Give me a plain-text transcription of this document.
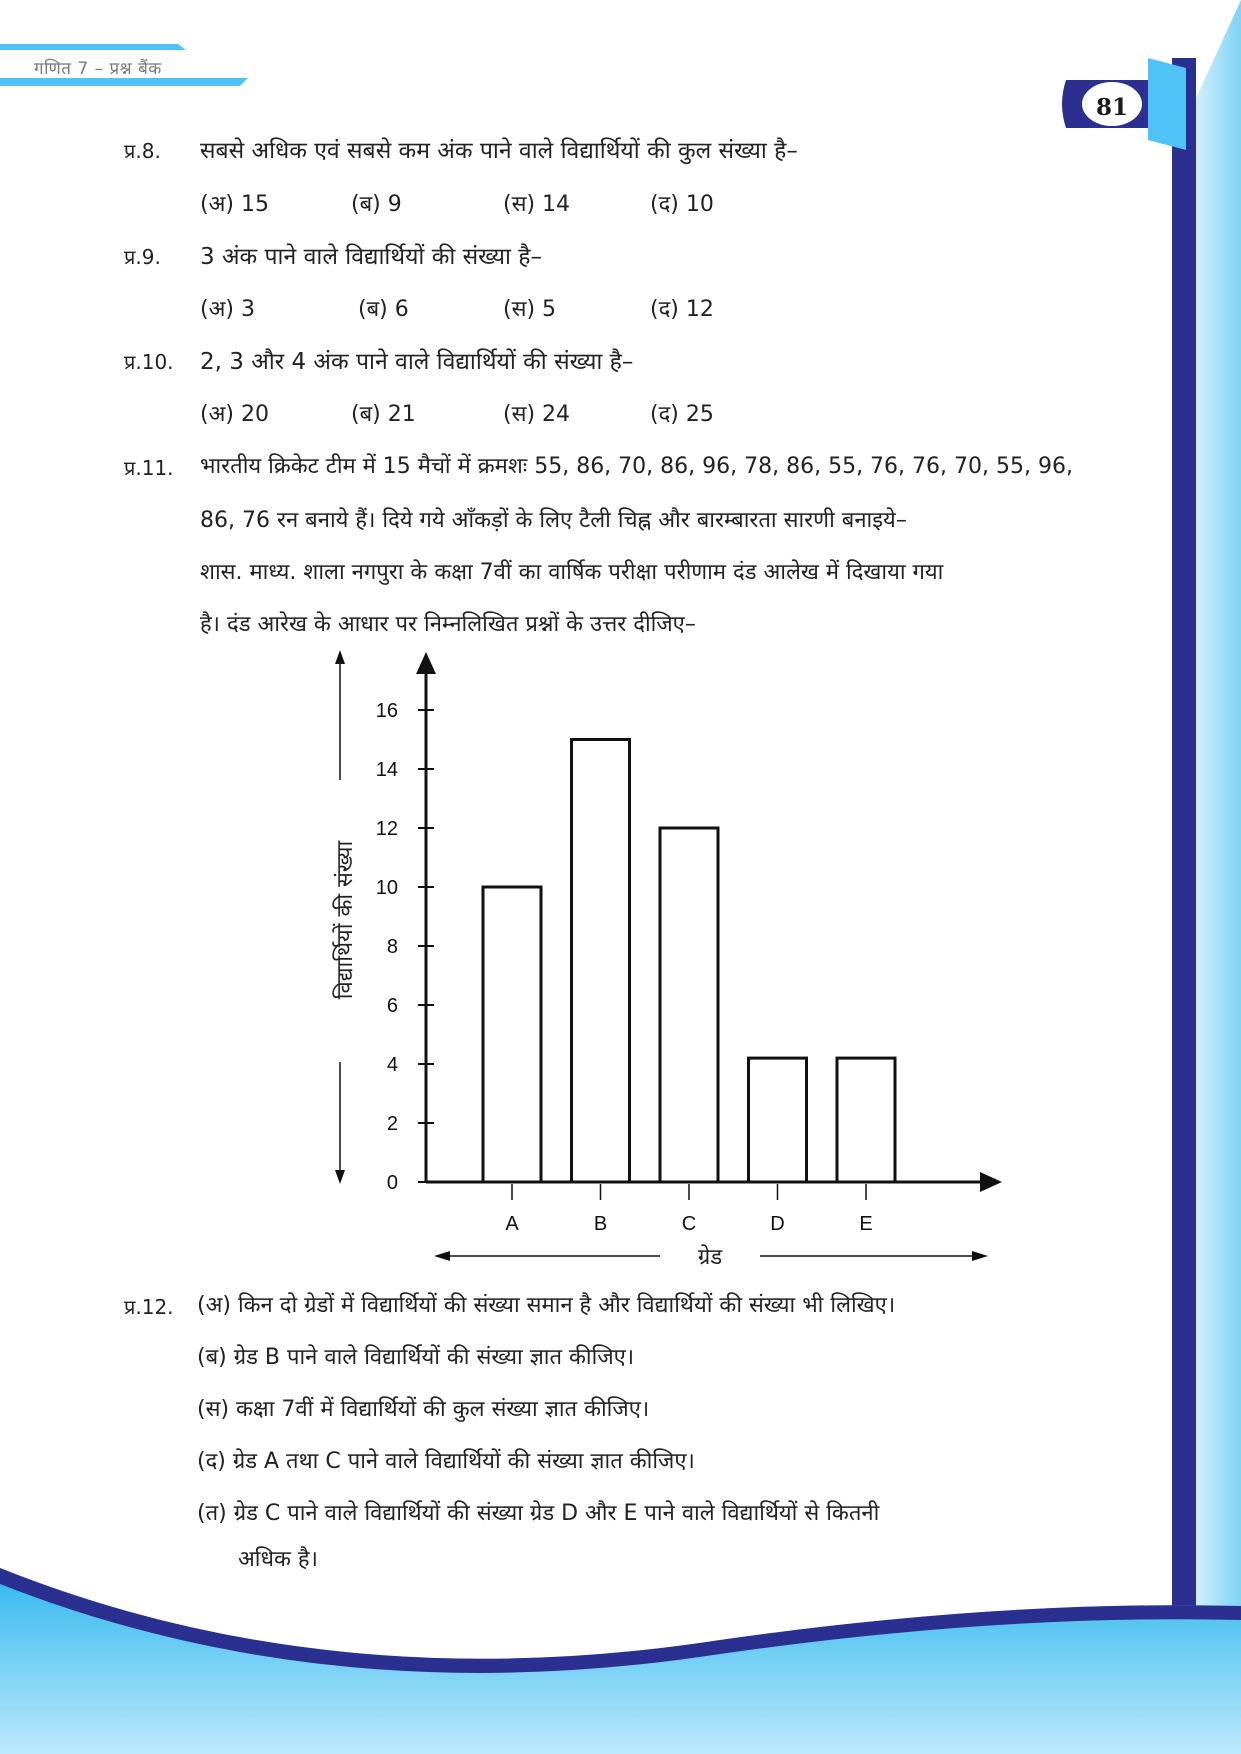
गणित 7 – प्रश्न बैंक
81
प्र.8. सबसे अधिक एवं सबसे कम अंक पाने वाले विद्यार्थियों की कुल संख्या है–
(अ) 15	(ब) 9	(स) 14	(द) 10
प्र.9. 3 अंक पाने वाले विद्यार्थियों की संख्या है–
(अ) 3	(ब) 6	(स) 5	(द) 12
प्र.10. 2, 3 और 4 अंक पाने वाले विद्यार्थियों की संख्या है–
(अ) 20	(ब) 21	(स) 24	(द) 25
प्र.11. भारतीय क्रिकेट टीम में 15 मैचों में क्रमशः 55, 86, 70, 86, 96, 78, 86, 55, 76, 76, 70, 55, 96,
86, 76 रन बनाये हैं। दिये गये आँकड़ों के लिए टैली चिह्न और बारम्बारता सारणी बनाइये–
शास. माध्य. शाला नगपुरा के कक्षा 7वीं का वार्षिक परीक्षा परीणाम दंड आलेख में दिखाया गया
है। दंड आरेख के आधार पर निम्नलिखित प्रश्नों के उत्तर दीजिए–
विद्यार्थियों की संख्या
ग्रेड
0
2
4
6
8
10
12
14
16
A	B	C	D	E
प्र.12. (अ) किन दो ग्रेडों में विद्यार्थियों की संख्या समान है और विद्यार्थियों की संख्या भी लिखिए।
(ब) ग्रेड B पाने वाले विद्यार्थियों की संख्या ज्ञात कीजिए।
(स) कक्षा 7वीं में विद्यार्थियों की कुल संख्या ज्ञात कीजिए।
(द) ग्रेड A तथा C पाने वाले विद्यार्थियों की संख्या ज्ञात कीजिए।
(त) ग्रेड C पाने वाले विद्यार्थियों की संख्या ग्रेड D और E पाने वाले विद्यार्थियों से कितनी
अधिक है।
